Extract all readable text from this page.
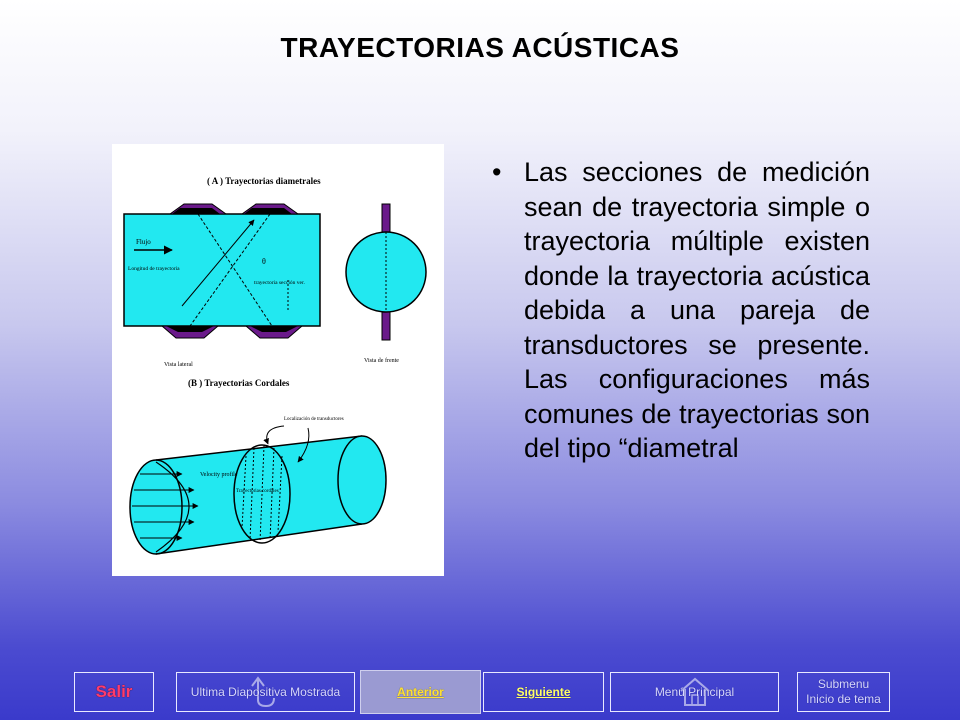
TRAYECTORIAS ACÚSTICAS
( A ) Trayectorias diametrales
Flujo
Longitud de trayectoria
θ
trayectoria sección ver.
Vista lateral
Vista de frente
(B ) Trayectorias Cordales
Velocity profile
Trayectorias cordales
Localización de transductores
• Las secciones de medición sean de trayectoria simple o trayectoria múltiple existen donde la trayectoria acústica debida a una pareja de transductores se presente. Las configuraciones más comunes de trayectorias son del tipo “diametral
Salir	Ultima Diapositiva Mostrada	Anterior	Siguiente	Menú Principal
Submenu
Inicio de tema
